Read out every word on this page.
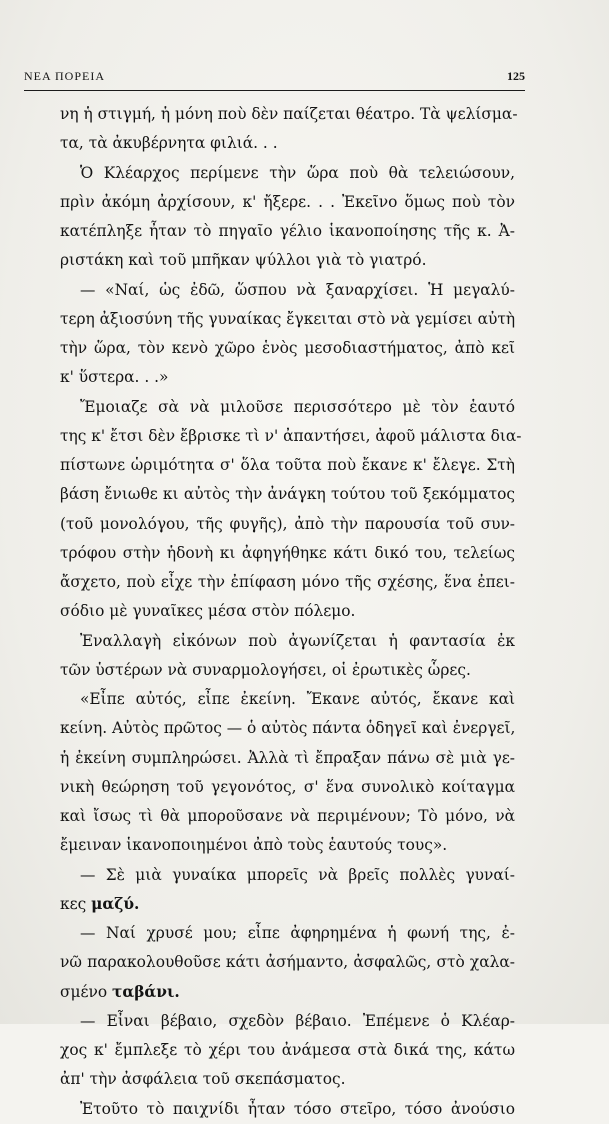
ΝΕΑ ΠΟΡΕΙΑ	125
νη ἡ στιγμή, ἡ μόνη ποὺ δὲν παίζεται θέατρο. Τὰ ψελίσμα-
τα, τὰ ἀκυβέρνητα φιλιά. . .
Ὁ Κλέαρχος περίμενε τὴν ὥρα ποὺ θὰ τελειώσουν,
πρὶν ἀκόμη ἀρχίσουν, κ' ἤξερε. . . Ἐκεῖνο ὅμως ποὺ τὸν
κατέπληξε ἦταν τὸ πηγαῖο γέλιο ἱκανοποίησης τῆς κ. Ἀ-
ριστάκη καὶ τοῦ μπῆκαν ψύλλοι γιὰ τὸ γιατρό.
— «Ναί, ὡς ἐδῶ, ὥσπου νὰ ξαναρχίσει. Ἡ μεγαλύ-
τερη ἀξιοσύνη τῆς γυναίκας ἔγκειται στὸ νὰ γεμίσει αὐτὴ
τὴν ὥρα, τὸν κενὸ χῶρο ἑνὸς μεσοδιαστήματος, ἀπὸ κεῖ
κ' ὕστερα. . .»
Ἔμοιαζε σὰ νὰ μιλοῦσε περισσότερο μὲ τὸν ἑαυτό
της κ' ἔτσι δὲν ἔβρισκε τὶ ν' ἀπαντήσει, ἀφοῦ μάλιστα δια-
πίστωνε ὡριμότητα σ' ὅλα τοῦτα ποὺ ἔκανε κ' ἔλεγε. Στὴ
βάση ἔνιωθε κι αὐτὸς τὴν ἀνάγκη τούτου τοῦ ξεκόμματος
(τοῦ μονολόγου, τῆς φυγῆς), ἀπὸ τὴν παρουσία τοῦ συν-
τρόφου στὴν ἡδονὴ κι ἀφηγήθηκε κάτι δικό του, τελείως
ἄσχετο, ποὺ εἶχε τὴν ἐπίφαση μόνο τῆς σχέσης, ἕνα ἐπει-
σόδιο μὲ γυναῖκες μέσα στὸν πόλεμο.
Ἐναλλαγὴ εἰκόνων ποὺ ἀγωνίζεται ἡ φαντασία ἐκ
τῶν ὑστέρων νὰ συναρμολογήσει, οἱ ἐρωτικὲς ὧρες.
«Εἶπε αὐτός, εἶπε ἐκείνη. Ἔκανε αὐτός, ἔκανε καὶ
κείνη. Αὐτὸς πρῶτος — ὁ αὐτὸς πάντα ὁδηγεῖ καὶ ἐνεργεῖ,
ἡ ἐκείνη συμπληρώσει. Ἀλλὰ τὶ ἔπραξαν πάνω σὲ μιὰ γε-
νικὴ θεώρηση τοῦ γεγονότος, σ' ἕνα συνολικὸ κοίταγμα
καὶ ἴσως τὶ θὰ μποροῦσανε νὰ περιμένουν; Τὸ μόνο, νὰ
ἔμειναν ἱκανοποιημένοι ἀπὸ τοὺς ἑαυτούς τους».
— Σὲ μιὰ γυναίκα μπορεῖς νὰ βρεῖς πολλὲς γυναί-
κες μαζύ.
— Ναί χρυσέ μου; εἶπε ἀφηρημένα ἡ φωνή της, ἐ-
νῶ παρακολουθοῦσε κάτι ἀσήμαντο, ἀσφαλῶς, στὸ χαλα-
σμένο ταβάνι.
— Εἶναι βέβαιο, σχεδὸν βέβαιο. Ἐπέμενε ὁ Κλέαρ-
χος κ' ἔμπλεξε τὸ χέρι του ἀνάμεσα στὰ δικά της, κάτω
ἀπ' τὴν ἀσφάλεια τοῦ σκεπάσματος.
Ἐτοῦτο τὸ παιχνίδι ἦταν τόσο στεῖρο, τόσο ἀνούσιο
